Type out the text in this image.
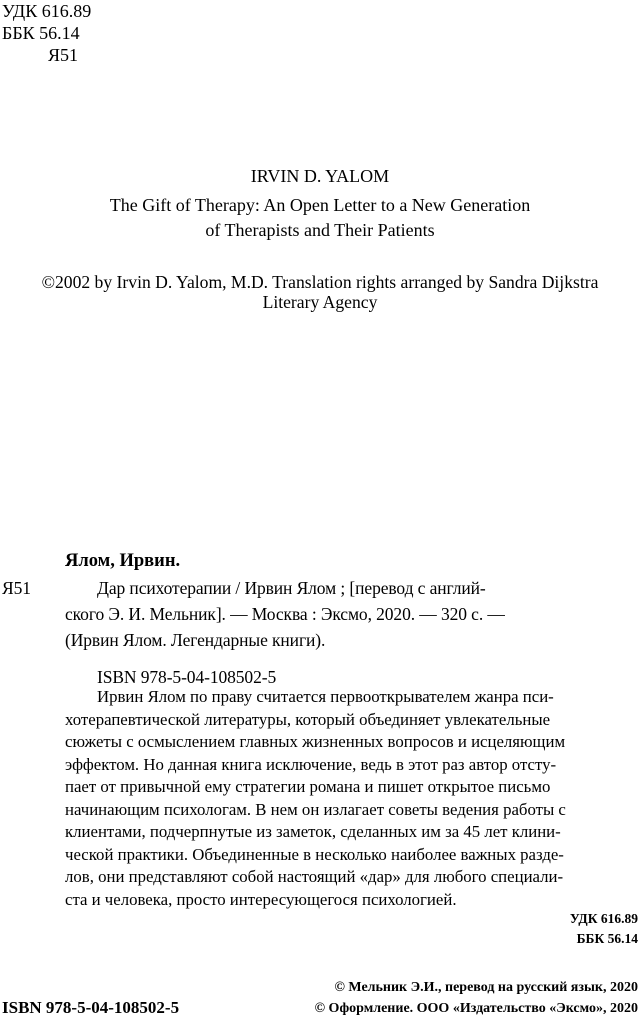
УДК 616.89
ББК 56.14
Я51
IRVIN D. YALOM
The Gift of Therapy: An Open Letter to a New Generation
of Therapists and Their Patients
©2002 by Irvin D. Yalom, M.D. Translation rights arranged by Sandra Dijkstra
Literary Agency
Ялом, Ирвин.
Я51	Дар психотерапии / Ирвин Ялом ; [перевод с англий-
ского Э. И. Мельник]. — Москва : Эксмо, 2020. — 320 с. —
(Ирвин Ялом. Легендарные книги).
ISBN 978-5-04-108502-5
Ирвин Ялом по праву считается первооткрывателем жанра пси-
хотерапевтической литературы, который объединяет увлекательные
сюжеты с осмыслением главных жизненных вопросов и исцеляющим
эффектом. Но данная книга исключение, ведь в этот раз автор отсту-
пает от привычной ему стратегии романа и пишет открытое письмо
начинающим психологам. В нем он излагает советы ведения работы с
клиентами, подчерпнутые из заметок, сделанных им за 45 лет клини-
ческой практики. Объединенные в несколько наиболее важных разде-
лов, они представляют собой настоящий «дар» для любого специали-
ста и человека, просто интересующегося психологией.
УДК 616.89
ББК 56.14
© Мельник Э.И., перевод на русский язык, 2020
© Оформление. ООО «Издательство «Эксмо», 2020
ISBN 978-5-04-108502-5
